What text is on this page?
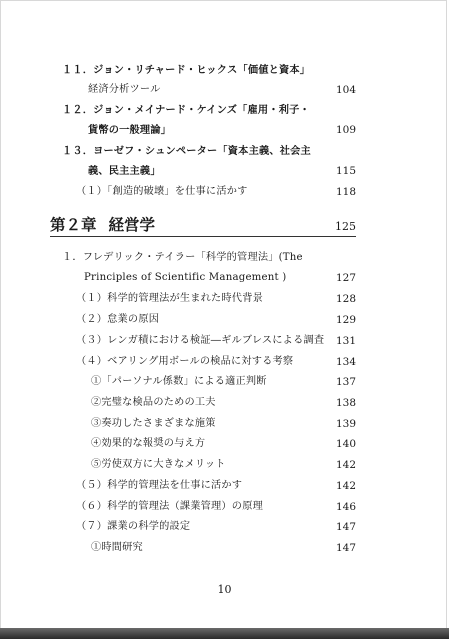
１１．ジョン・リチャード・ヒックス「価値と資本」
経済分析ツール	104
１２．ジョン・メイナード・ケインズ「雇用・利子・
貨幣の一般理論」	109
１３．ヨーゼフ・シュンペーター「資本主義、社会主
義、民主主義」	115
（１）「創造的破壊」を仕事に活かす	118
第２章 経営学	125
１．フレデリック・テイラー「科学的管理法」(The
Principles of Scientific Management )	127
（１）科学的管理法が生まれた時代背景	128
（２）怠業の原因	129
（３）レンガ積における検証―ギルブレスによる調査 131
（４）ベアリング用ボールの検品に対する考察	134
①「パーソナル係数」による適正判断	137
②完璧な検品のための工夫	138
③奏功したさまざまな施策	139
④効果的な報奨の与え方	140
⑤労使双方に大きなメリット	142
（５）科学的管理法を仕事に活かす	142
（６）科学的管理法（課業管理）の原理	146
（７）課業の科学的設定	147
①時間研究	147
10
